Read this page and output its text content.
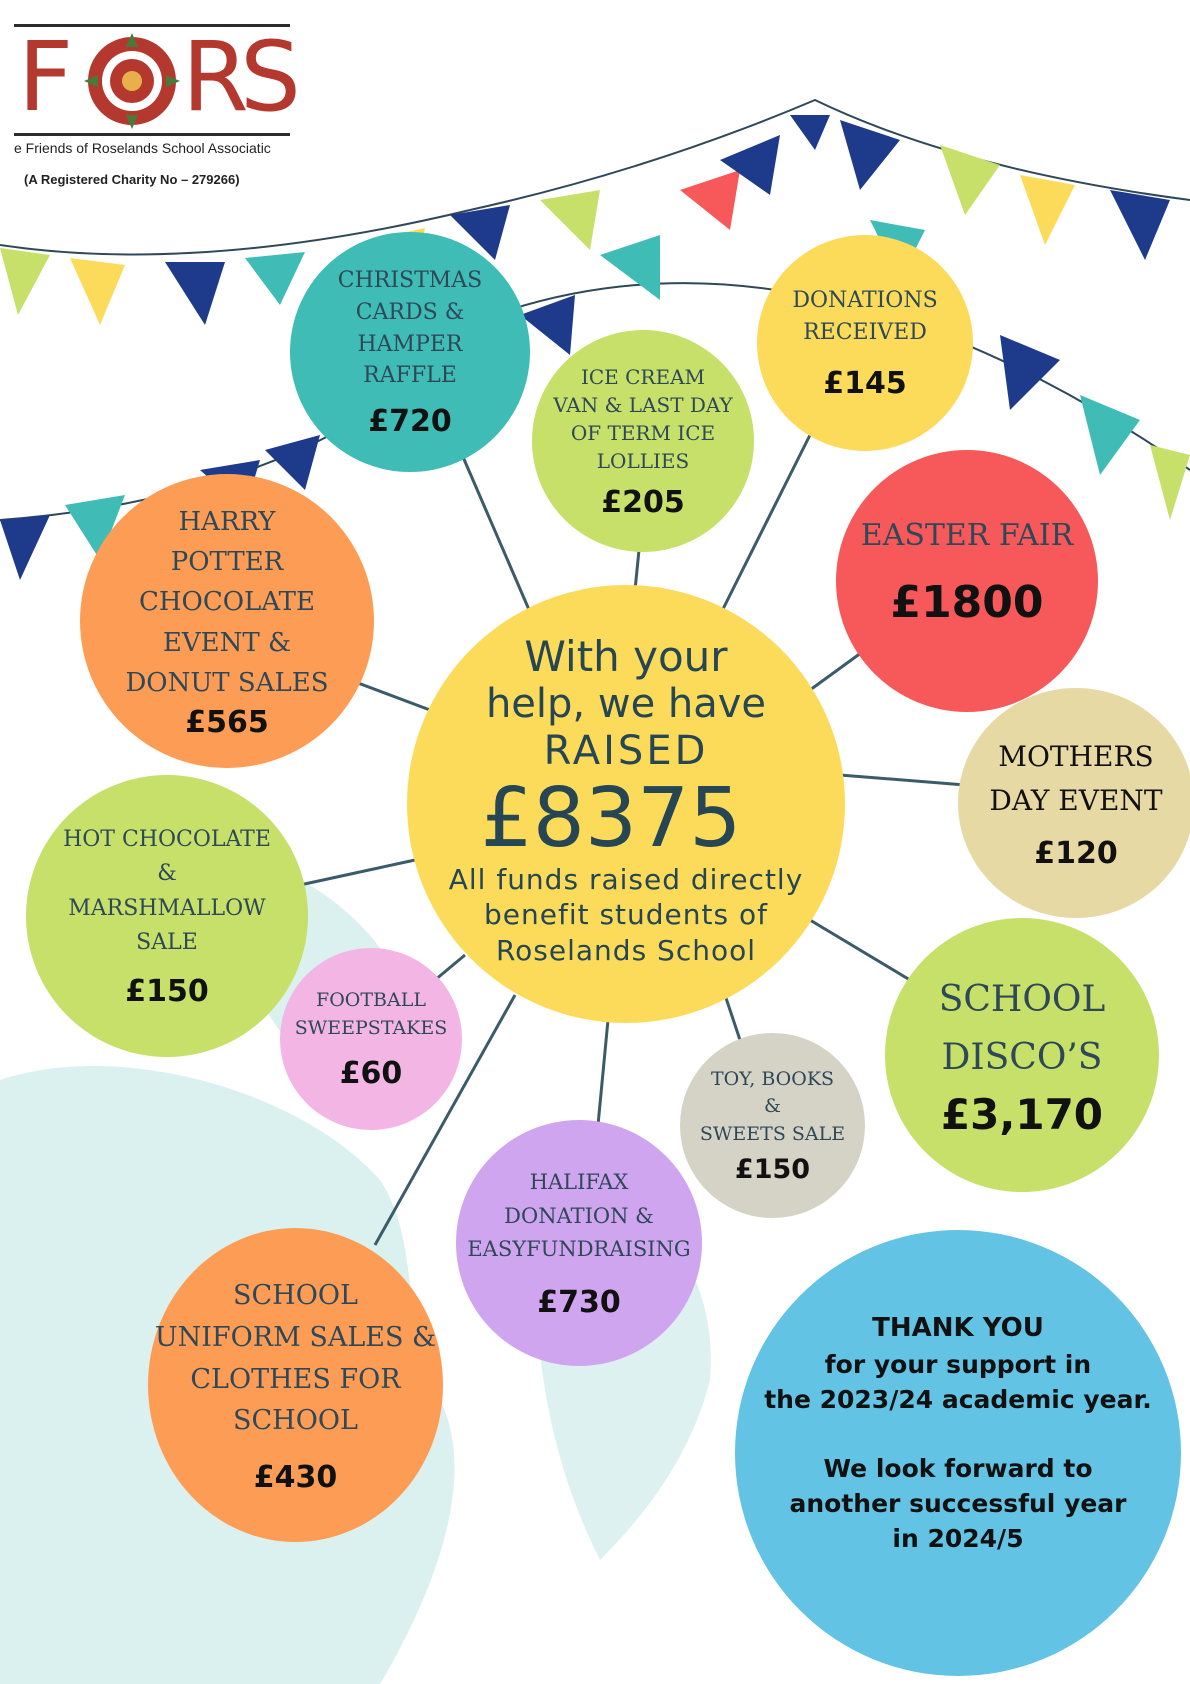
F R
S
e Friends of Roselands School Associatic
(A Registered Charity No – 279266)
With your
help, we have
RAISED
£8375
All funds raised directly
benefit students of
Roselands School
CHRISTMAS
CARDS &
HAMPER
RAFFLE
£720
ICE CREAM
VAN & LAST DAY
OF TERM ICE
LOLLIES
£205
DONATIONS
RECEIVED
£145
EASTER FAIR
£1800
HARRY
POTTER
CHOCOLATE
EVENT &
DONUT SALES
£565
MOTHERS
DAY EVENT
£120
HOT CHOCOLATE
&
MARSHMALLOW
SALE
£150	SCHOOL
DISCO’S
£3,170
FOOTBALL
SWEEPSTAKES
£60	TOY, BOOKS
&
SWEETS SALE
£150
HALIFAX
DONATION &
EASYFUNDRAISING
£730
SCHOOL
UNIFORM SALES &
CLOTHES FOR
SCHOOL
£430
THANK YOU
for your support in
the 2023/24 academic year.
We look forward to
another successful year
in 2024/5
